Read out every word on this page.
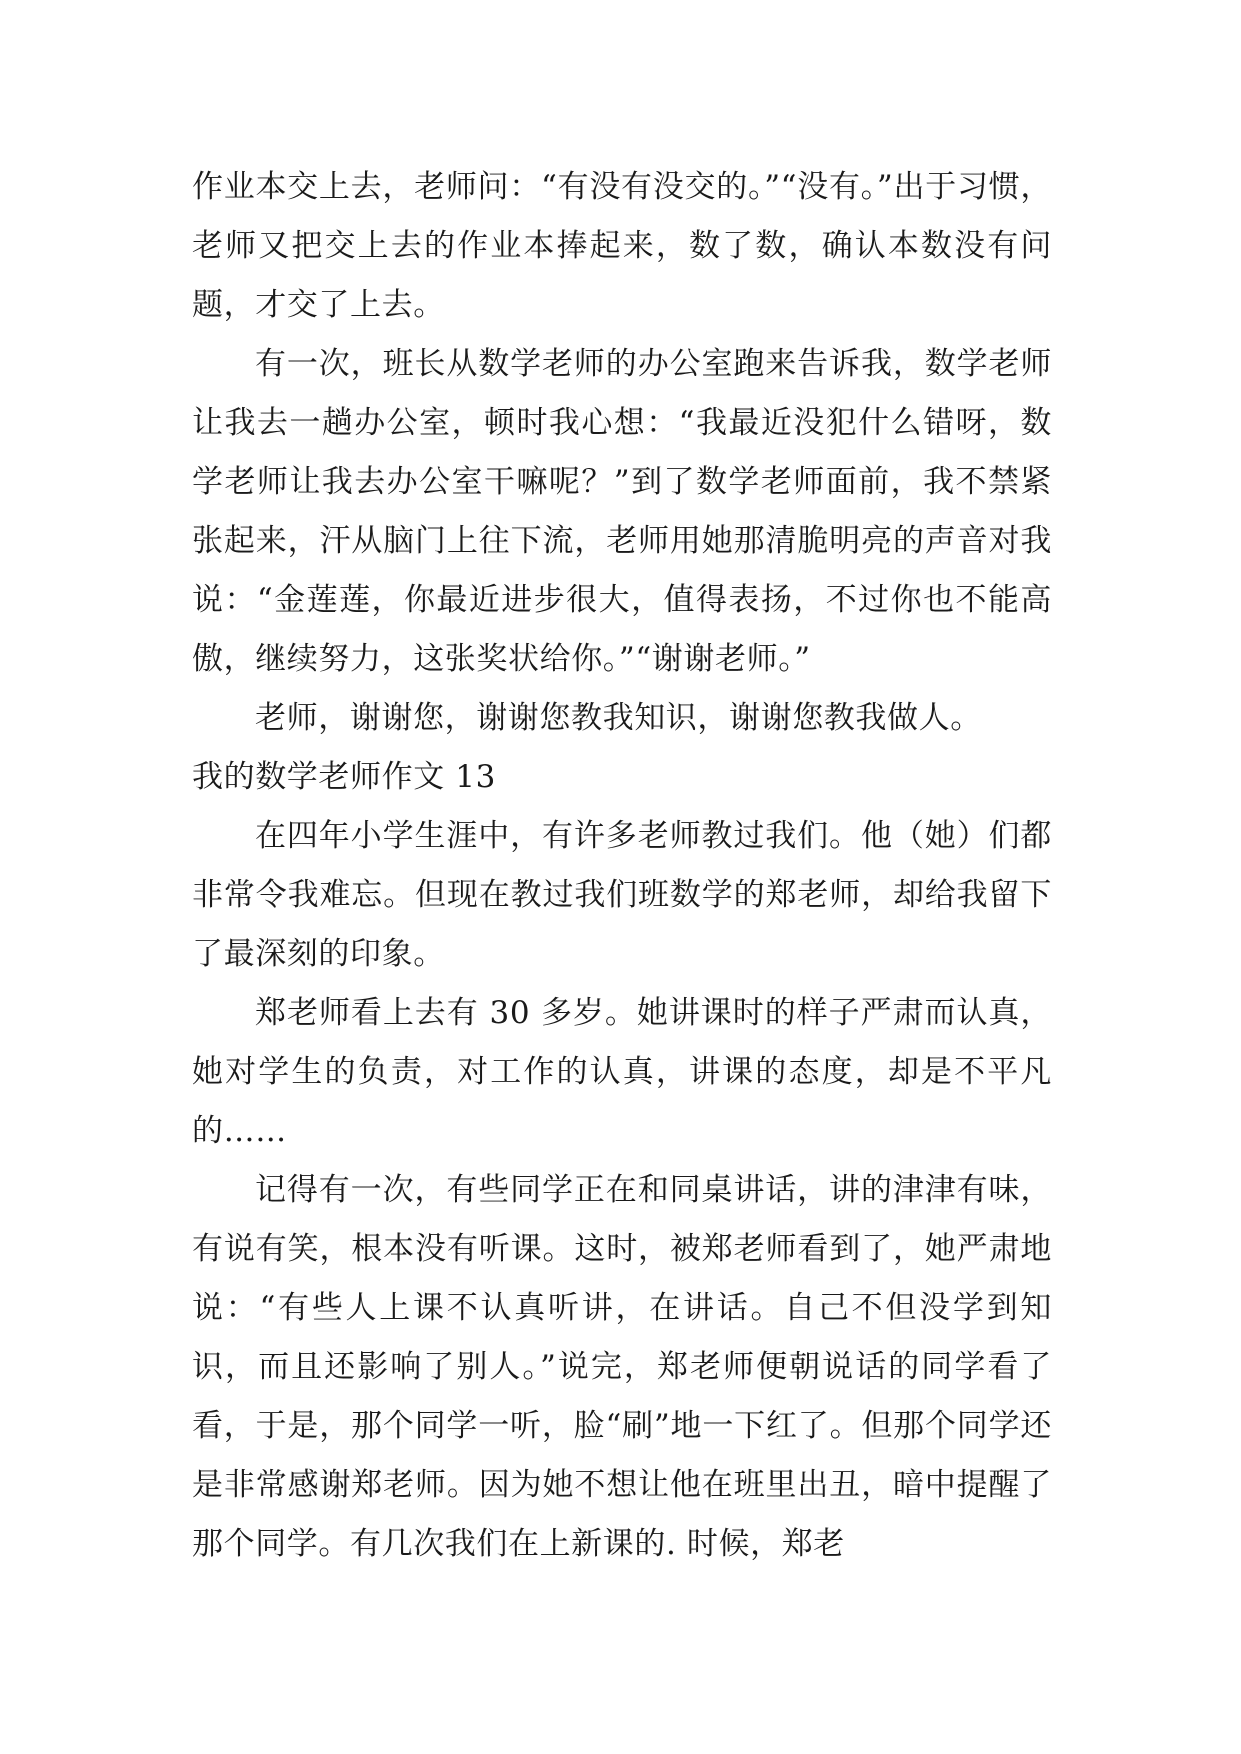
作业本交上去，老师问：“有没有没交的。”“没有。”出于习惯，老师又把交上去的作业本捧起来，数了数，确认本数没有问题，才交了上去。

有一次，班长从数学老师的办公室跑来告诉我，数学老师让我去一趟办公室，顿时我心想：“我最近没犯什么错呀，数学老师让我去办公室干嘛呢？”到了数学老师面前，我不禁紧张起来，汗从脑门上往下流，老师用她那清脆明亮的声音对我说：“金莲莲，你最近进步很大，值得表扬，不过你也不能高傲，继续努力，这张奖状给你。”“谢谢老师。”

老师，谢谢您，谢谢您教我知识，谢谢您教我做人。

我的数学老师作文 13

在四年小学生涯中，有许多老师教过我们。他（她）们都非常令我难忘。但现在教过我们班数学的郑老师，却给我留下了最深刻的印象。

郑老师看上去有 30 多岁。她讲课时的样子严肃而认真，她对学生的负责，对工作的认真，讲课的态度，却是不平凡的……

记得有一次，有些同学正在和同桌讲话，讲的津津有味，有说有笑，根本没有听课。这时，被郑老师看到了，她严肃地说：“有些人上课不认真听讲，在讲话。自己不但没学到知识，而且还影响了别人。”说完，郑老师便朝说话的同学看了看，于是，那个同学一听，脸“刷”地一下红了。但那个同学还是非常感谢郑老师。因为她不想让他在班里出丑，暗中提醒了那个同学。有几次我们在上新课的. 时候，郑老
